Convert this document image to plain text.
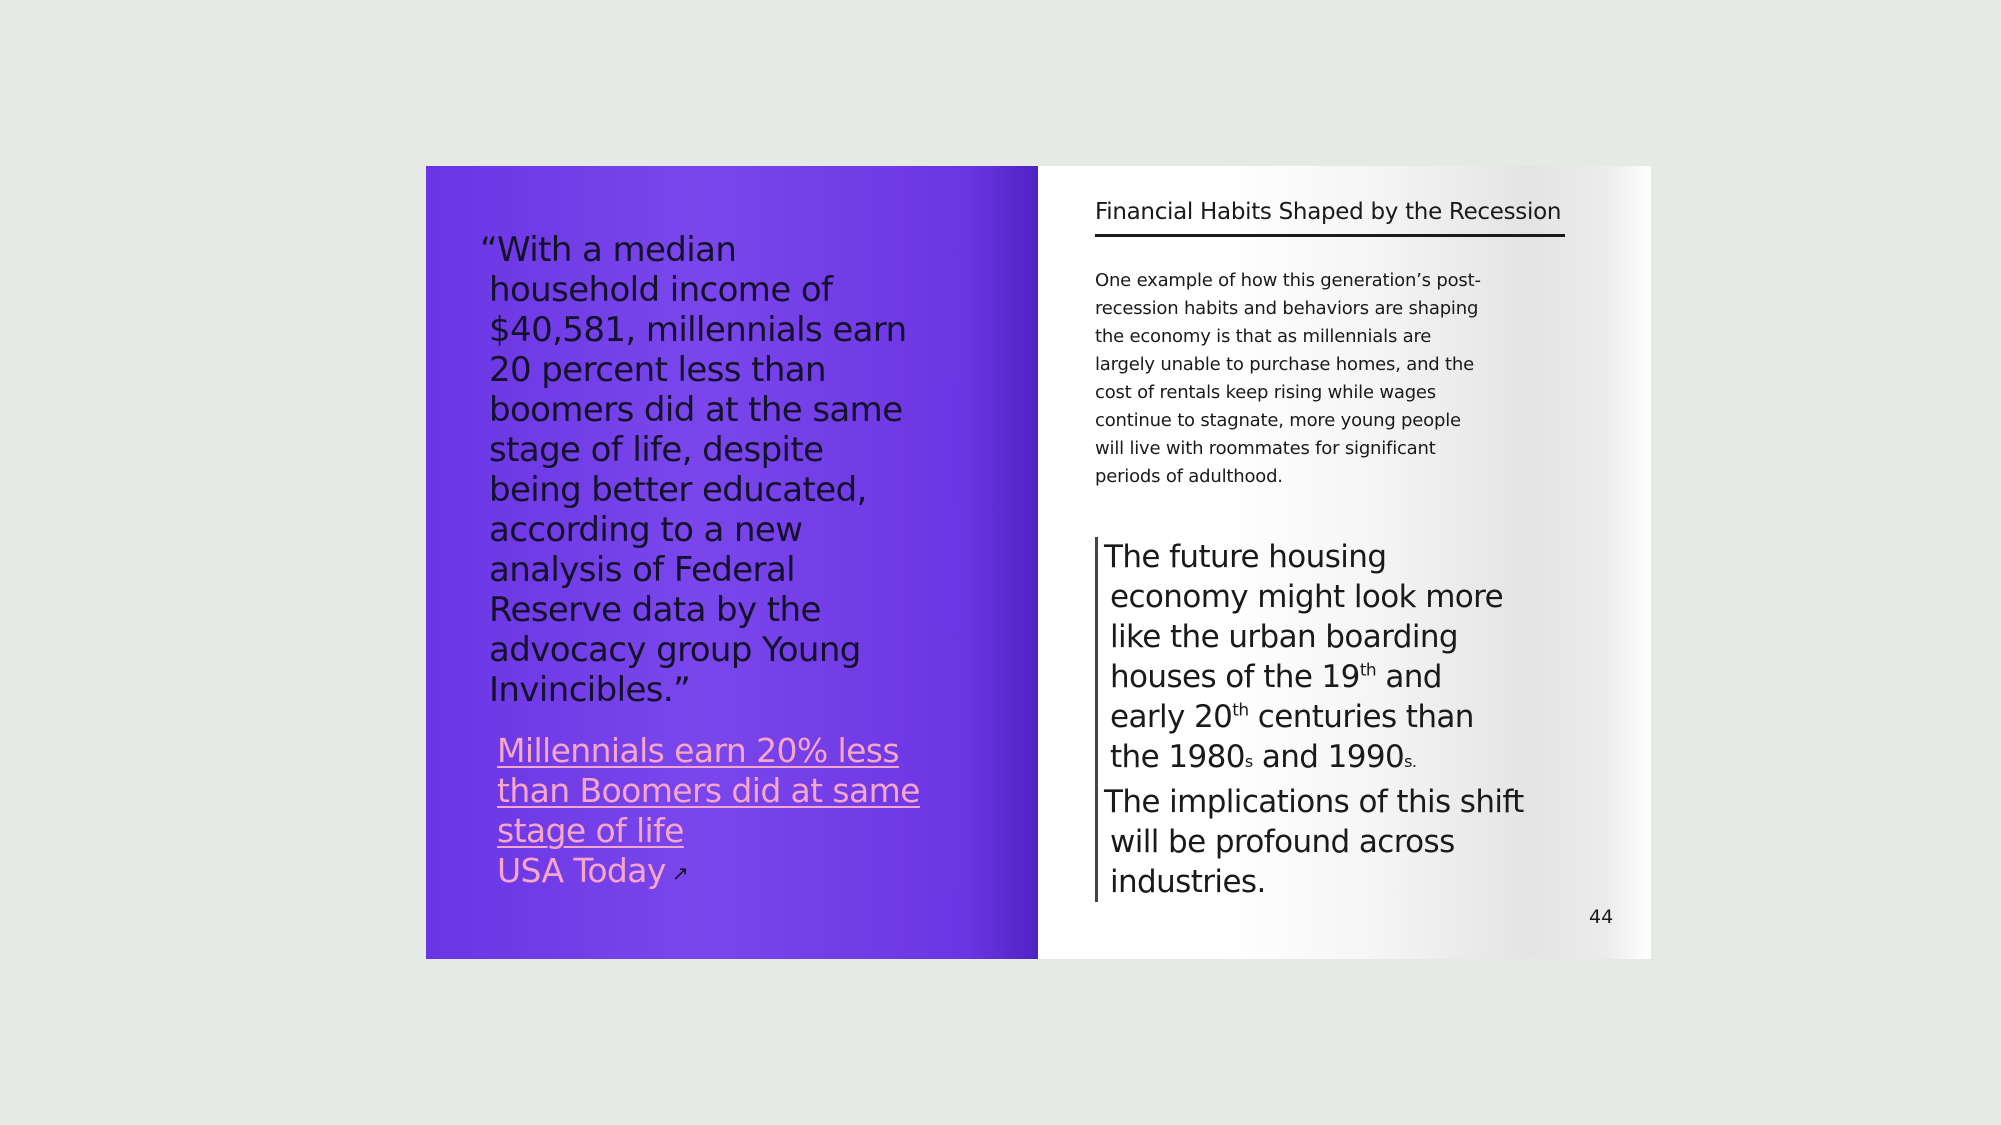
“With a median household income of $40,581, millennials earn 20 percent less than boomers did at the same stage of life, despite being better educated, according to a new analysis of Federal Reserve data by the advocacy group Young Invincibles.”

Millennials earn 20% less than Boomers did at same stage of life
USA Today ↗
Financial Habits Shaped by the Recession

One example of how this generation’s post-recession habits and behaviors are shaping the economy is that as millennials are largely unable to purchase homes, and the cost of rentals keep rising while wages continue to stagnate, more young people will live with roommates for significant periods of adulthood.

The future housing economy might look more like the urban boarding houses of the 19th and early 20th centuries than the 1980s and 1990s.

The implications of this shift will be profound across industries.

44
